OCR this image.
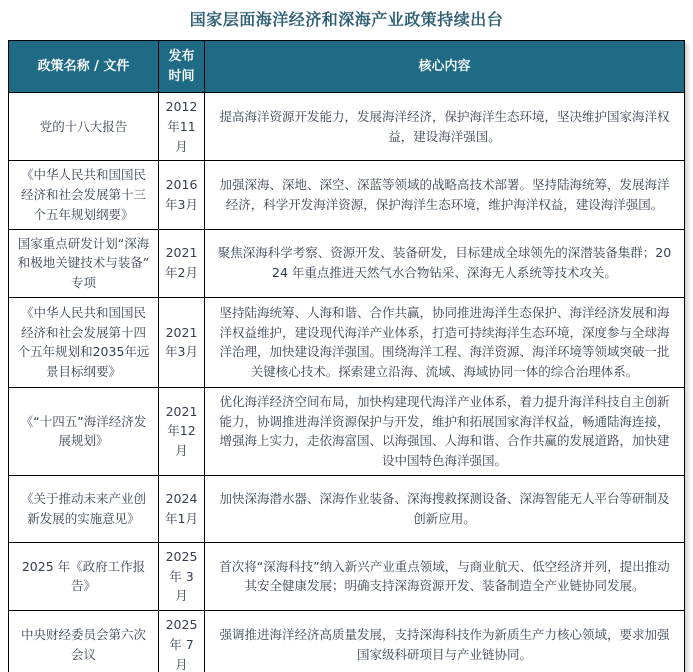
国家层面海洋经济和深海产业政策持续出台
政策名称 / 文件	发布时间	核心内容
党的十八大报告	2012年11月	提高海洋资源开发能力，发展海洋经济，保护海洋生态环境，坚决维护国家海洋权益，建设海洋强国。
《中华人民共和国国民经济和社会发展第十三个五年规划纲要》	2016年3月	加强深海、深地、深空、深蓝等领域的战略高技术部署。坚持陆海统筹，发展海洋经济，科学开发海洋资源，保护海洋生态环境，维护海洋权益，建设海洋强国。
国家重点研发计划“深海和极地关键技术与装备”专项	2021年2月	聚焦深海科学考察、资源开发、装备研发，目标建成全球领先的深潜装备集群；2024 年重点推进天然气水合物钻采、深海无人系统等技术攻关。
《中华人民共和国国民经济和社会发展第十四个五年规划和2035年远景目标纲要》	2021年3月	坚持陆海统筹、人海和谐、合作共赢，协同推进海洋生态保护、海洋经济发展和海洋权益维护，建设现代海洋产业体系，打造可持续海洋生态环境，深度参与全球海洋治理，加快建设海洋强国。围绕海洋工程、海洋资源、海洋环境等领域突破一批关键核心技术。探索建立沿海、流域、海域协同一体的综合治理体系。
《“十四五”海洋经济发展规划》	2021年12月	优化海洋经济空间布局，加快构建现代海洋产业体系，着力提升海洋科技自主创新能力，协调推进海洋资源保护与开发，维护和拓展国家海洋权益，畅通陆海连接，增强海上实力，走依海富国、以海强国、人海和谐、合作共赢的发展道路，加快建设中国特色海洋强国。
《关于推动未来产业创新发展的实施意见》	2024年1月	加快深海潜水器、深海作业装备、深海搜救探测设备、深海智能无人平台等研制及创新应用。
2025 年《政府工作报告》	2025 年 3 月	首次将“深海科技”纳入新兴产业重点领域，与商业航天、低空经济并列，提出推动其安全健康发展；明确支持深海资源开发、装备制造全产业链协同发展。
中央财经委员会第六次会议	2025 年 7 月	强调推进海洋经济高质量发展，支持深海科技作为新质生产力核心领域，要求加强国家级科研项目与产业链协同。
